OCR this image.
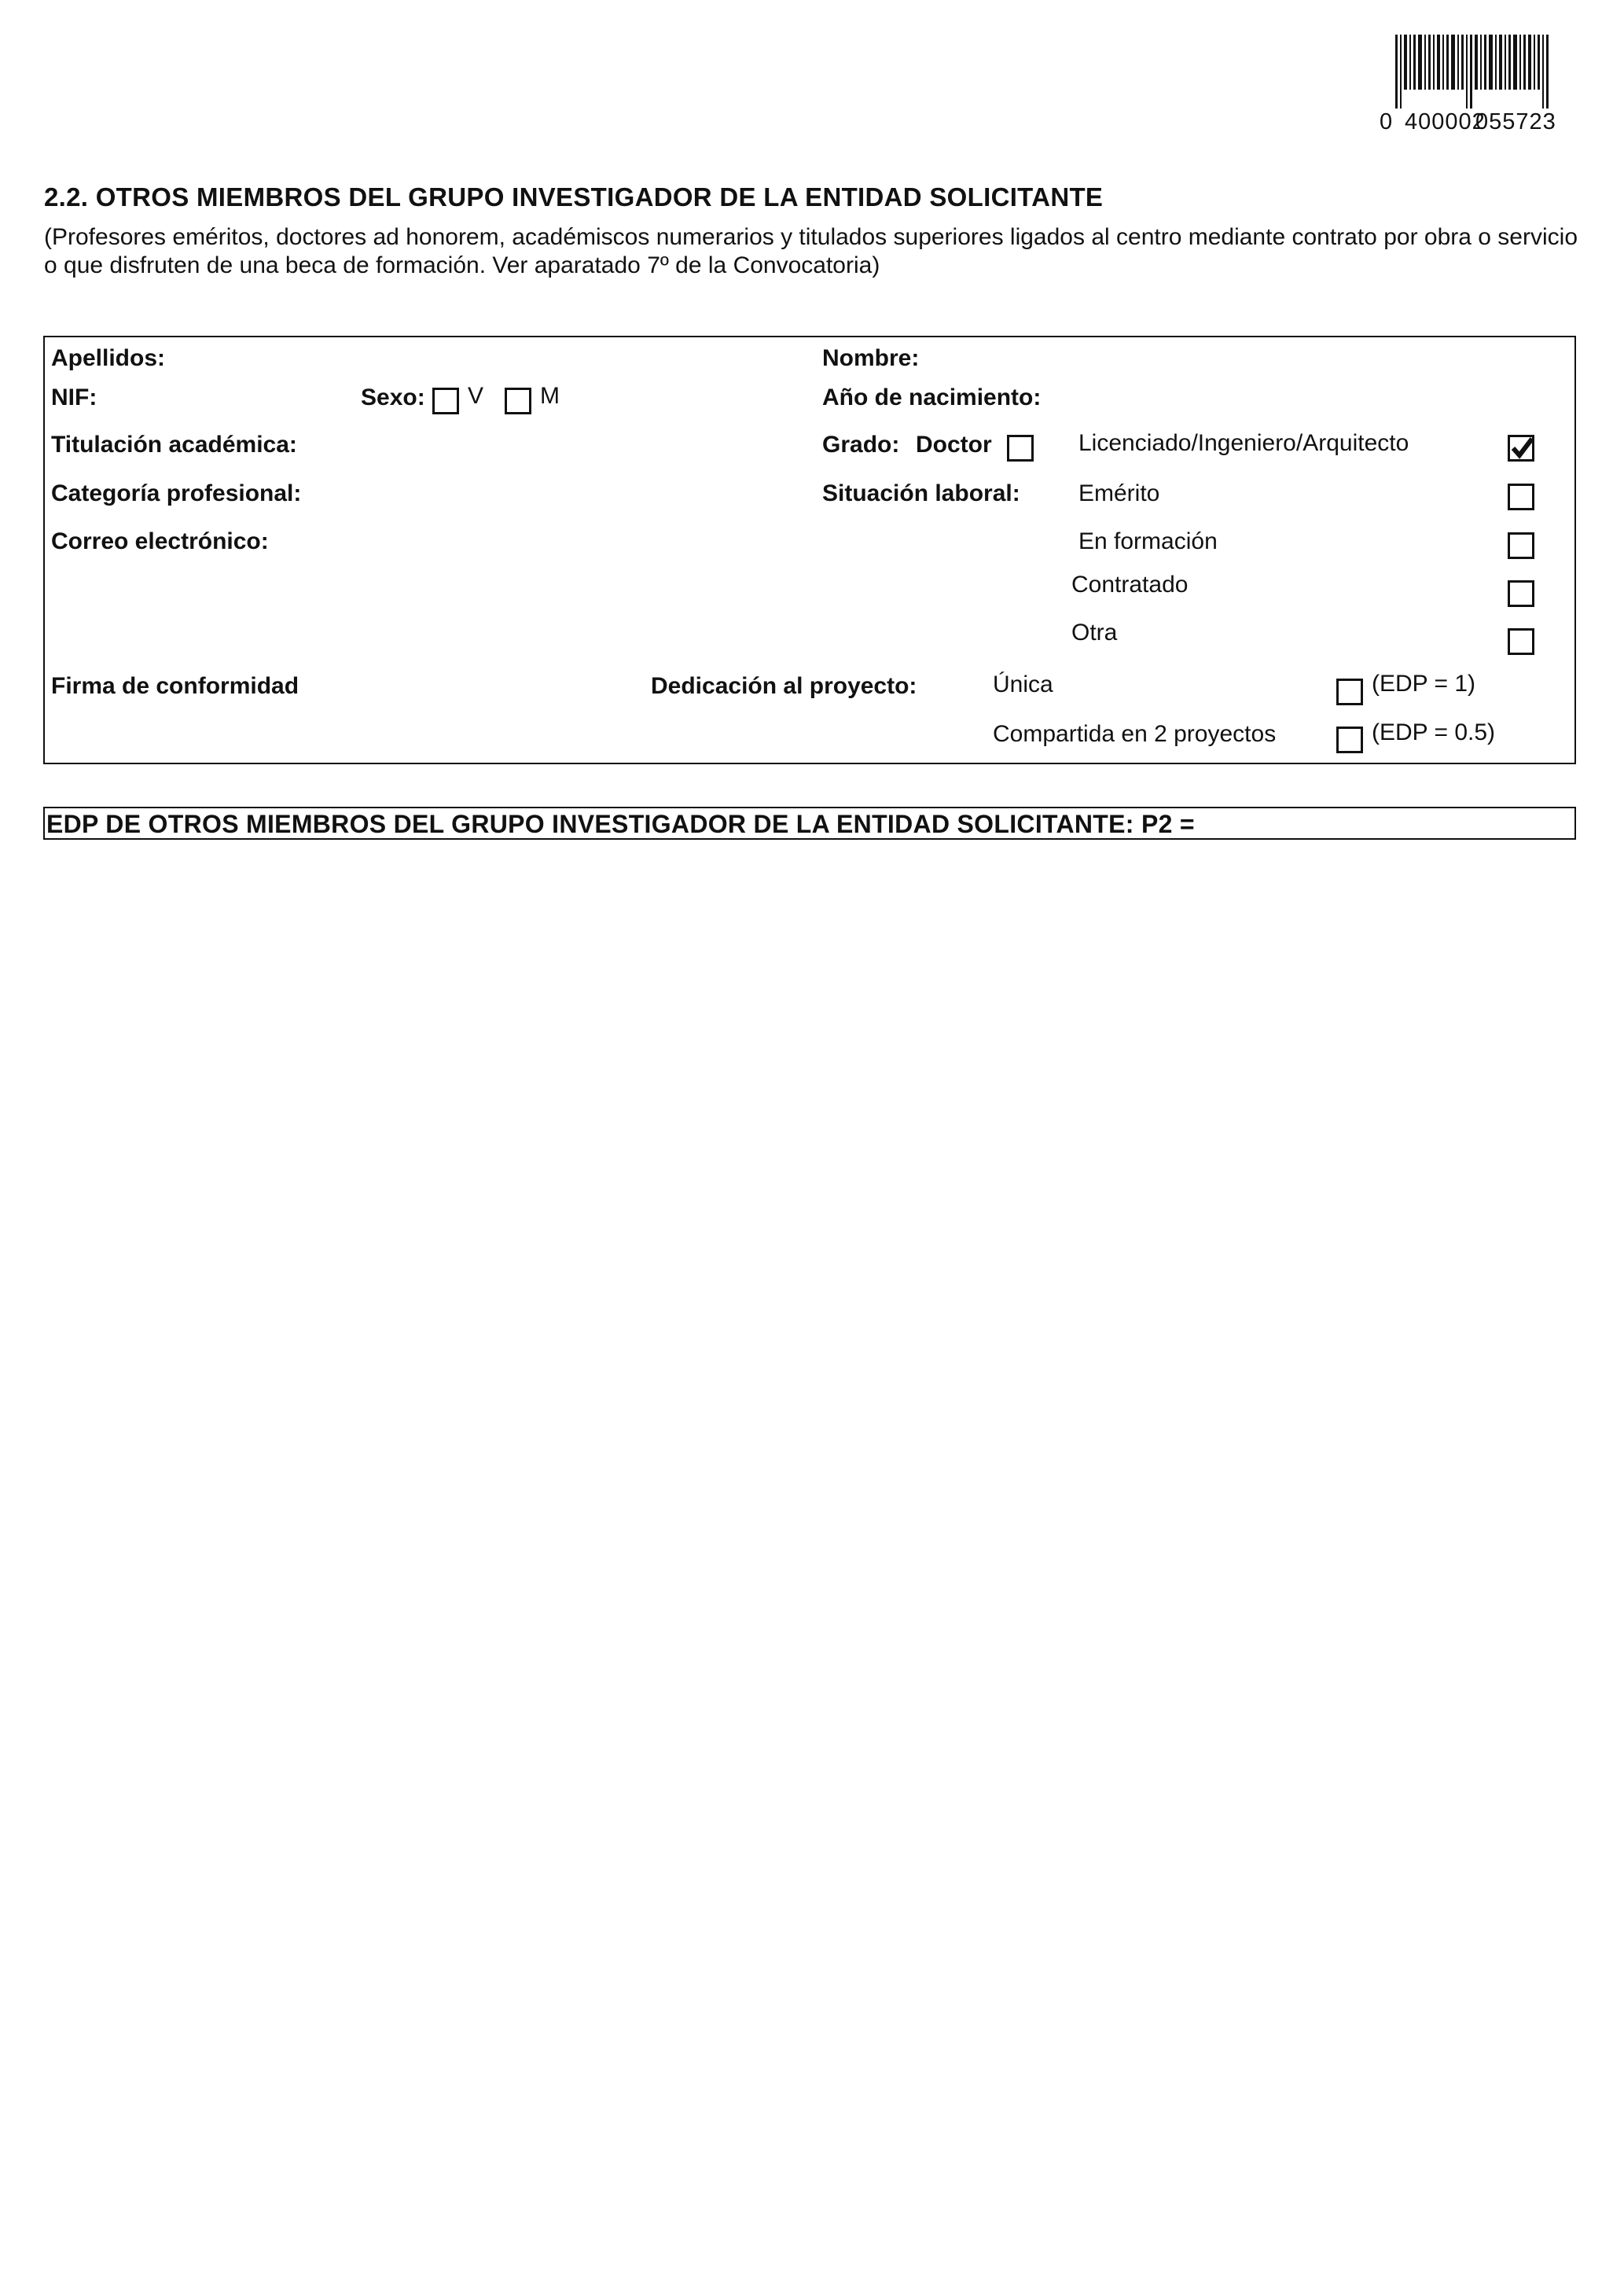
0 400002
055723
2.2. OTROS MIEMBROS DEL GRUPO INVESTIGADOR DE LA ENTIDAD SOLICITANTE
(Profesores eméritos, doctores ad honorem, académiscos numerarios y titulados superiores ligados al centro mediante contrato por obra o servicio o que disfruten de una beca de formación. Ver aparatado 7º de la Convocatoria)
Apellidos:	Nombre:
NIF:	Sexo: V M	Año de nacimiento:
Titulación académica:	Grado: Doctor	Licenciado/Ingeniero/Arquitecto
Categoría profesional:	Situación laboral: Emérito
Correo electrónico:	En formación
Contratado
Otra
Firma de conformidad	Dedicación al proyecto:	Única	(EDP = 1)
Compartida en 2 proyectos	(EDP = 0.5)
EDP DE OTROS MIEMBROS DEL GRUPO INVESTIGADOR DE LA ENTIDAD SOLICITANTE: P2 =
